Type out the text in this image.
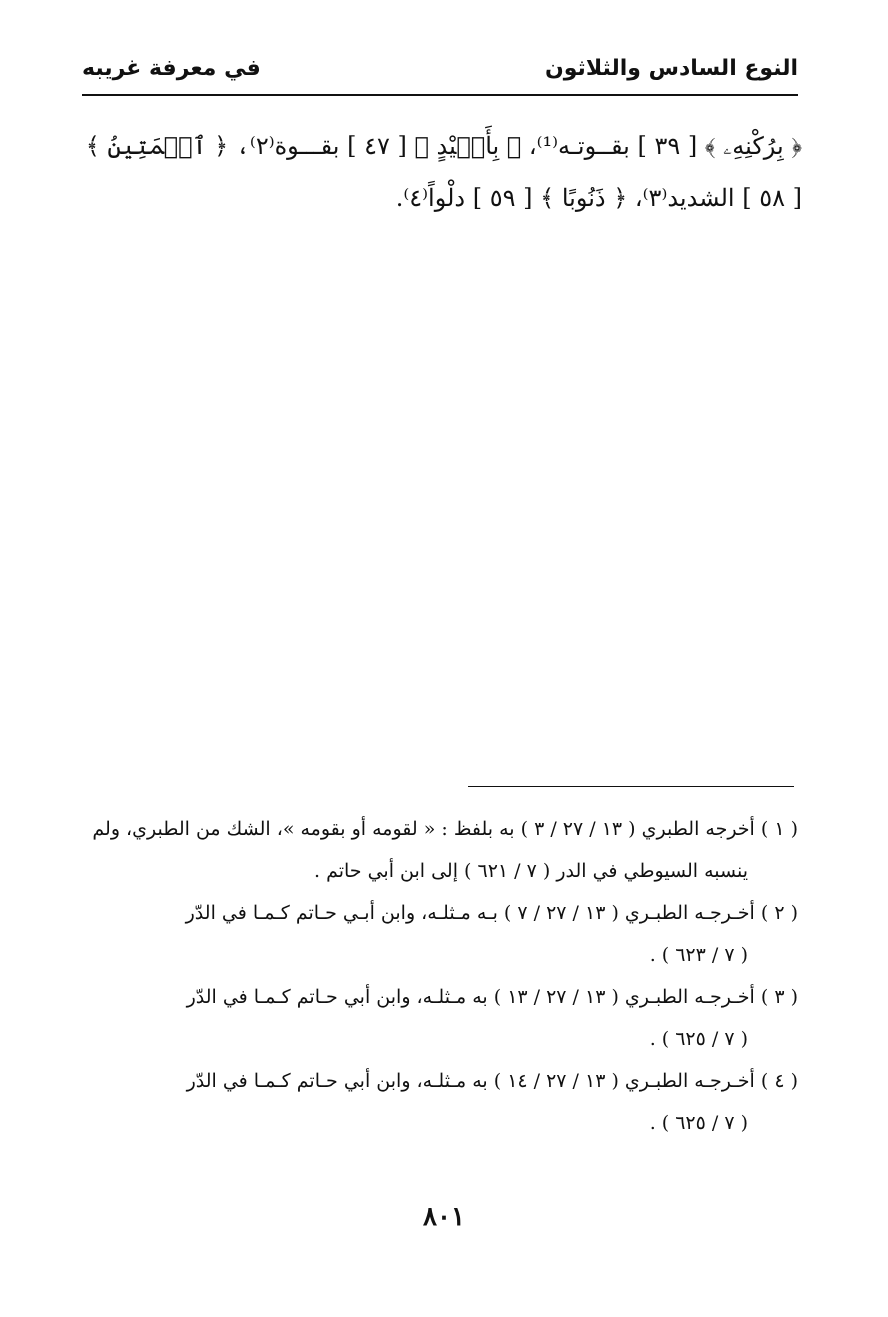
النوع السادس والثلاثون
في معرفة غريبه
﴿ بِرُكْنِهِۦ ﴾ [ ٣٩ ] بقــوتـه⁽¹⁾، ﴿ بِأَيۡيْدٍ ﴾ [ ٤٧ ] بقـــوة⁽٢⁾، ﴿ ٱلۡمَتِينُ ﴾
[ ٥٨ ] الشديد⁽٣⁾، ﴿ ذَنُوبًا ﴾ [ ٥٩ ] دلْواً⁽٤⁾.
( ١ ) أخرجه الطبري ( ١٣ / ٢٧ / ٣ ) به بلفظ : « لقومه أو بقومه »، الشك من الطبري، ولم
ينسبه السيوطي في الدر ( ٧ / ٦٢١ ) إلى ابن أبي حاتم .
( ٢ ) أخـرجـه الطبـري ( ١٣ / ٢٧ / ٧ ) بـه مـثلـه، وابن أبـي حـاتم كـمـا في الدّر
( ٧ / ٦٢٣ ) .
( ٣ ) أخـرجـه الطبـري ( ١٣ / ٢٧ / ١٣ ) به مـثلـه، وابن أبي حـاتم كـمـا في الدّر
( ٧ / ٦٢٥ ) .
( ٤ ) أخـرجـه الطبـري ( ١٣ / ٢٧ / ١٤ ) به مـثلـه، وابن أبي حـاتم كـمـا في الدّر
( ٧ / ٦٢٥ ) .
٨٠١
